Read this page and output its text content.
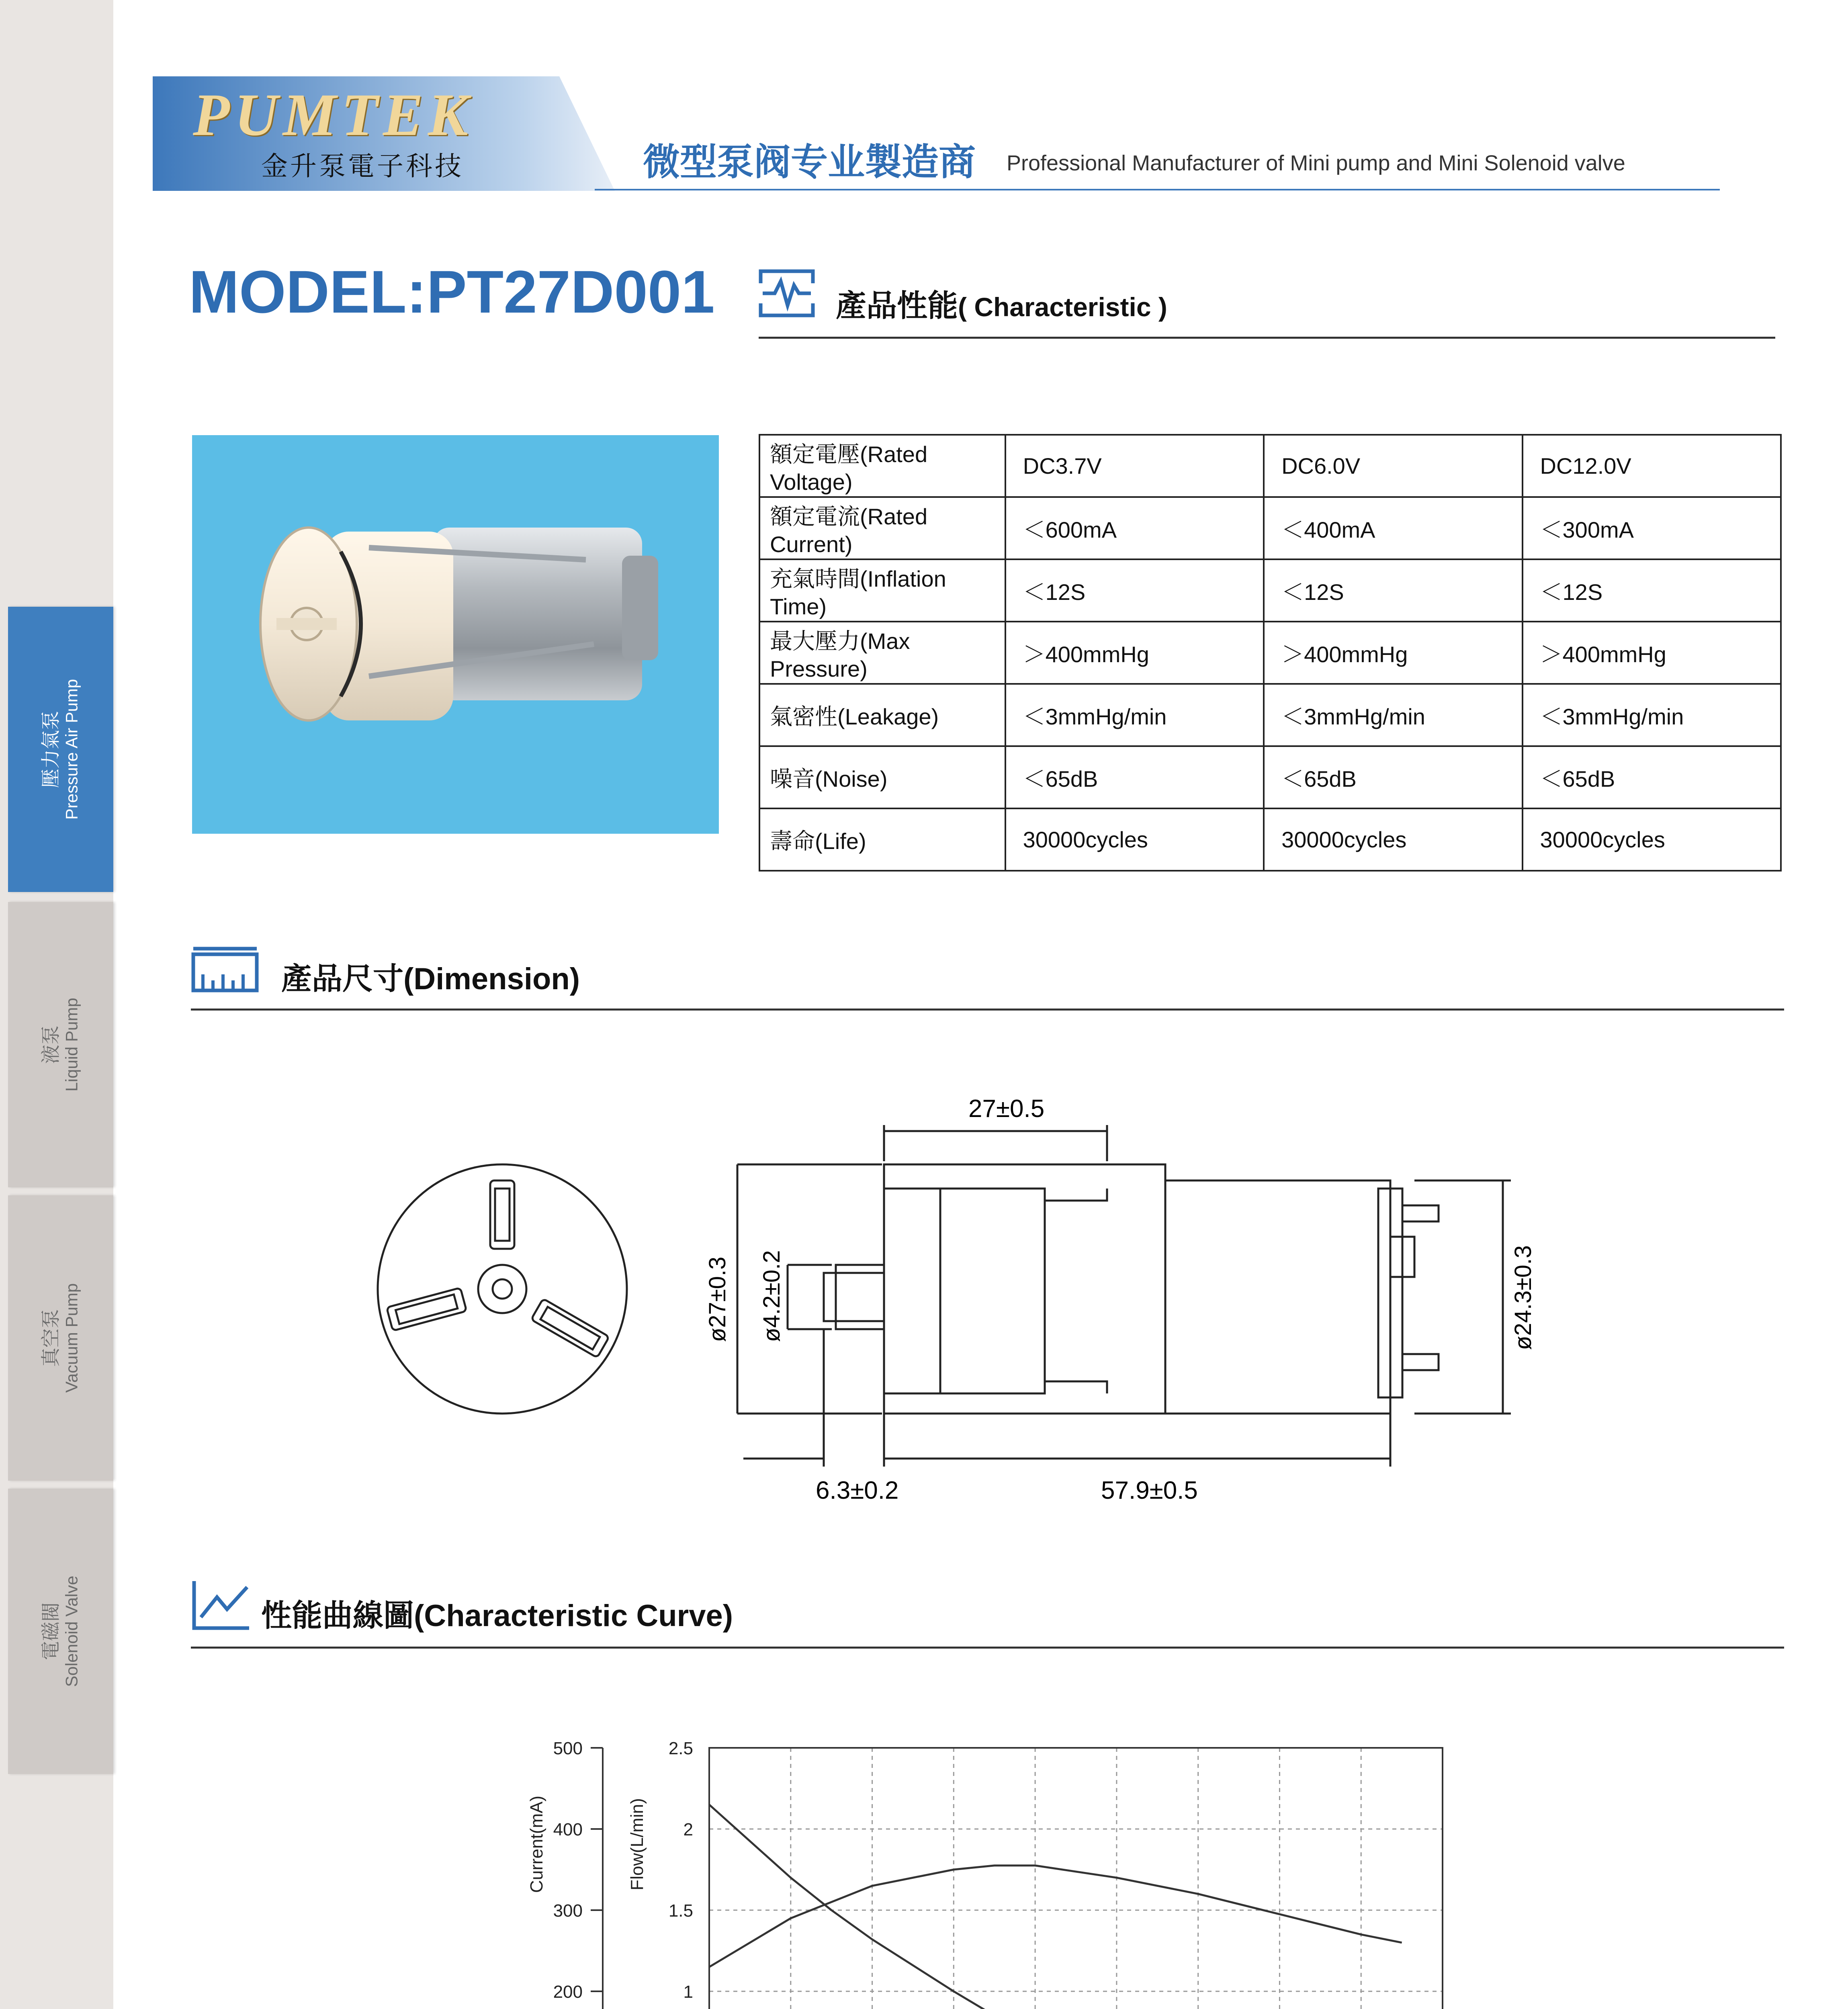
壓力氣泵 Pressure Air Pump
液泵 Liquid Pump
真空泵 Vacuum Pump
電磁閥 Solenoid Valve
PUMTEK
金升泵電子科技	微型泵阀专业製造商 Professional Manufacturer of Mini pump and Mini Solenoid valve
MODEL:PT27D001	產品性能( Characteristic )
額定電壓(Rated Voltage)	DC3.7V	DC6.0V	DC12.0V
額定電流(Rated Current)	＜600mA	＜400mA	＜300mA
充氣時間(Inflation Time)	＜12S	＜12S	＜12S
最大壓力(Max Pressure)	＞400mmHg	＞400mmHg	＞400mmHg
氣密性(Leakage)	＜3mmHg/min	＜3mmHg/min	＜3mmHg/min
噪音(Noise)	＜65dB	＜65dB	＜65dB
壽命(Life)	30000cycles	30000cycles	30000cycles
產品尺寸(Dimension)
27±0.5
ø27±0.3 ø4.2±0.2	ø24.3±0.3
6.3±0.2	57.9±0.5
性能曲線圖(Characteristic Curve)
200
300
400
500
Current(mA)
1
1.5
2
2.5
Flow(L/min)
